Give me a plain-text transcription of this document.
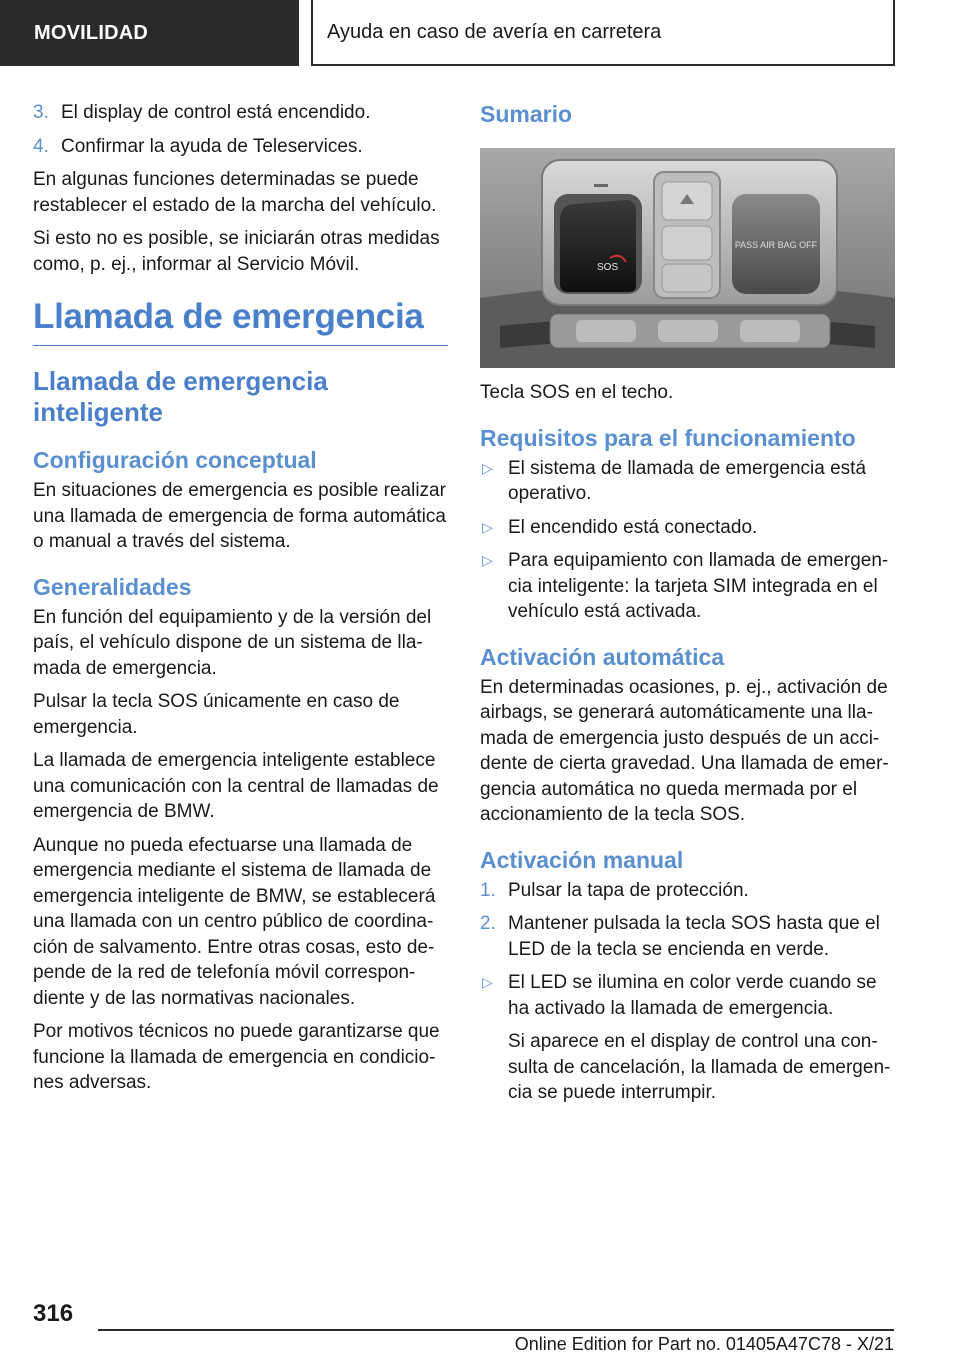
MOVILIDAD	Ayuda en caso de avería en carretera
3. El display de control está encendido.
4. Confirmar la ayuda de Teleservices.

En algunas funciones determinadas se puede restablecer el estado de la marcha del vehículo.

Si esto no es posible, se iniciarán otras medidas como, p. ej., informar al Servicio Móvil.

Llamada de emergencia
Llamada de emergencia inteligente
Configuración conceptual

En situaciones de emergencia es posible realizar una llamada de emergencia de forma automática o manual a través del sistema.

Generalidades

En función del equipamiento y de la versión del país, el vehículo dispone de un sistema de lla-mada de emergencia.

Pulsar la tecla SOS únicamente en caso de emergencia.

La llamada de emergencia inteligente establece una comunicación con la central de llamadas de emergencia de BMW.

Aunque no pueda efectuarse una llamada de emergencia mediante el sistema de llamada de emergencia inteligente de BMW, se establecerá una llamada con un centro público de coordina-ción de salvamento. Entre otras cosas, esto de-pende de la red de telefonía móvil correspon-diente y de las normativas nacionales.

Por motivos técnicos no puede garantizarse que funcione la llamada de emergencia en condicio-nes adversas.

Sumario
SOS
PASS AIR BAG OFF

Tecla SOS en el techo.

Requisitos para el funcionamiento
▷ El sistema de llamada de emergencia está operativo.
▷ El encendido está conectado.
▷ Para equipamiento con llamada de emergen-cia inteligente: la tarjeta SIM integrada en el vehículo está activada.
Activación automática

En determinadas ocasiones, p. ej., activación de airbags, se generará automáticamente una lla-mada de emergencia justo después de un acci-dente de cierta gravedad. Una llamada de emer-gencia automática no queda mermada por el accionamiento de la tecla SOS.

Activación manual
1. Pulsar la tapa de protección.
2. Mantener pulsada la tecla SOS hasta que el LED de la tecla se encienda en verde.
▷ El LED se ilumina en color verde cuando se ha activado la llamada de emergencia.

Si aparece en el display de control una con-sulta de cancelación, la llamada de emergen-cia se puede interrumpir.

316
Online Edition for Part no. 01405A47C78 - X/21
